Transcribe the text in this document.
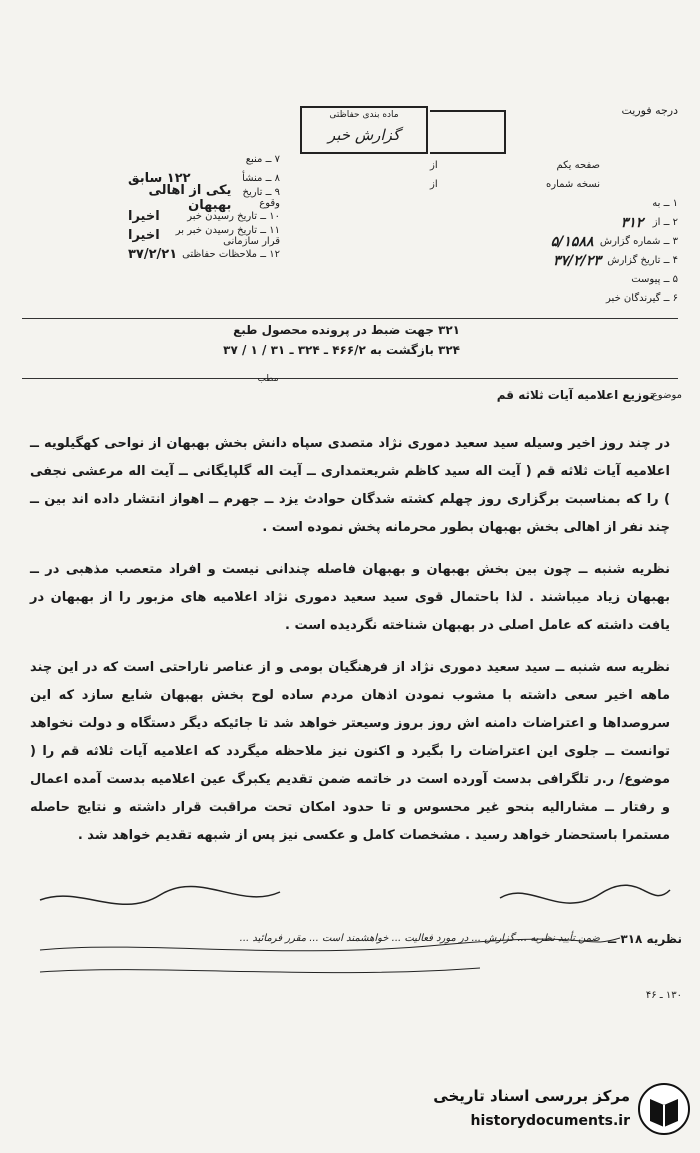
درجه فوریت
ماده بندی حفاظتی
گزارش خبر
۷ ــ منبع
۸ ــ منشأ
۱۲۲ سابق
۹ ــ تاریخ وقوع
یکی از اهالی بهبهان
۱۰ ــ تاریخ رسیدن خبر
اخیرا
۱۱ ــ تاریخ رسیدن خبر بر قرار سازمانی
اخیرا
۱۲ ــ ملاحظات حفاظتی
۳۷/۲/۲۱
صفحه یکم
از
نسخه شماره
از
۱ ــ به

۲ ــ از

۳۱۲
۳ ــ شماره گزارش

۵/۱۵۸۸
۴ ــ تاریخ گزارش

۳۷/۲/۲۳
۵ ــ پیوست
۶ ــ گیرندگان خبر
۳۲۱ جهت ضبط در پرونده محصول طبع
۳۲۴ بازگشت به ۴۶۶/۲ ـ ۳۲۴ ـ ۳۱ / ۱ / ۳۷
موضوع
توزیع اعلامیه آیات ثلاثه قم
مطب

در چند روز اخیر وسیله سید سعید دموری نژاد متصدی سپاه دانش بخش بهبهان از نواحی کهگیلویه ــ اعلامیه آیات ثلاثه قم ( آیت اله سید کاظم شریعتمداری ــ آیت اله گلپایگانی ــ آیت اله مرعشی نجفی ) را که بمناسبت برگزاری روز چهلم کشته شدگان حوادث یزد ــ جهرم ــ اهواز انتشار داده اند بین ــ چند نفر از اهالی بخش بهبهان بطور محرمانه پخش نموده است .

نظریه شنبه ــ چون بین بخش بهبهان و بهبهان فاصله چندانی نیست و افراد متعصب مذهبی در ــ بهبهان زیاد میباشند . لذا باحتمال قوی سید سعید دموری نژاد اعلامیه های مزبور را از بهبهان در یافت داشته که عامل اصلی در بهبهان شناخته نگردیده است .

نظریه سه شنبه ــ سید سعید دموری نژاد از فرهنگیان بومی و از عناصر ناراحتی است که در این چند ماهه اخیر سعی داشته با مشوب نمودن اذهان مردم ساده لوح بخش بهبهان شایع سازد که این سروصداها و اعتراضات دامنه اش روز بروز وسیعتر خواهد شد تا جائیکه دیگر دستگاه و دولت نخواهد توانست ــ جلوی این اعتراضات را بگیرد و اکنون نیز ملاحظه میگردد که اعلامیه آیات ثلاثه قم را ( موضوع/ ر.ر تلگرافی بدست آورده است در خاتمه ضمن تقدیم یکبرگ عین اعلامیه بدست آمده اعمال و رفتار ــ مشارالیه بنحو غیر محسوس و تا حدود امکان تحت مراقبت قرار داشته و نتایج حاصله مستمرا باستحضار خواهد رسید . مشخصات کامل و عکسی نیز پس از شبهه تقدیم خواهد شد .

نظریه ۳۱۸ ــ
ضمن تأیید نظریه ... گزارش ... در مورد فعالیت ... خواهشمند است ... مقرر فرمائید ...
۱۳۰ ـ ۴۶
مرکز بررسی اسناد تاریخی
historydocuments.ir
